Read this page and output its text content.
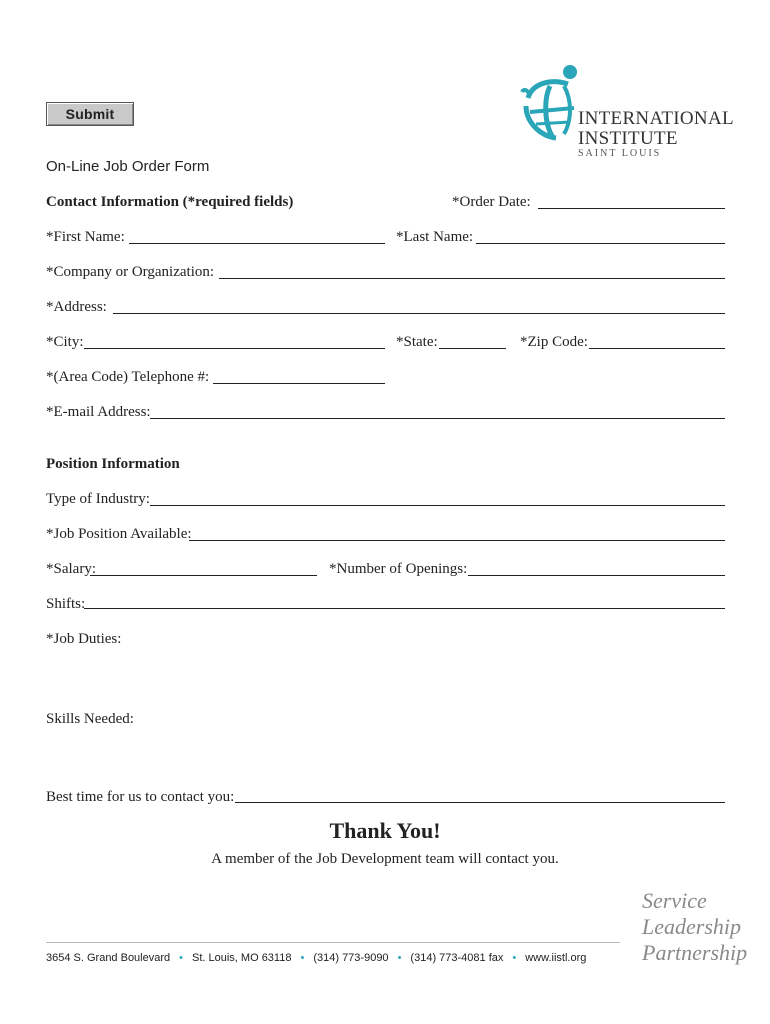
Submit	INTERNATIONAL
INSTITUTE
SAINT LOUIS
On-Line Job Order Form
Contact Information (*required fields)	*Order Date:
*First Name:	*Last Name:
*Company or Organization:
*Address:
*City:	*State:	*Zip Code:
*(Area Code) Telephone #:
*E-mail Address:
Position Information
Type of Industry:
*Job Position Available:
*Salary:	*Number of Openings:
Shifts:
*Job Duties:
Skills Needed:
Best time for us to contact you:
Thank You!
A member of the Job Development team will contact you.
3654 S. Grand Boulevard • St. Louis, MO 63118 • (314) 773-9090 • (314) 773-4081 fax • www.iistl.org
Service
Leadership
Partnership
